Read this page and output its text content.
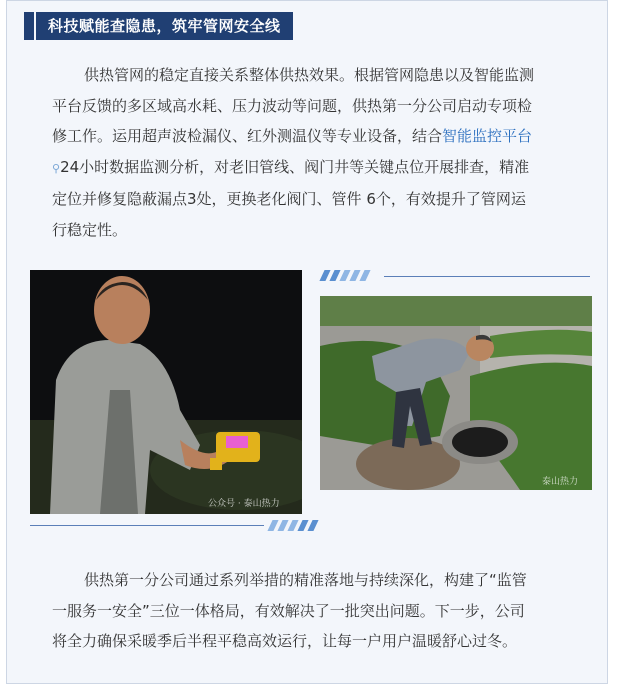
科技赋能查隐患，筑牢管网安全线

供热管网的稳定直接关系整体供热效果。根据管网隐患以及智能监测
平台反馈的多区域高水耗、压力波动等问题，供热第一分公司启动专项检
修工作。运用超声波检漏仪、红外测温仪等专业设备，结合智能监控平台
⚲24小时数据监测分析，对老旧管线、阀门井等关键点位开展排查，精准
定位并修复隐蔽漏点3处，更换老化阀门、管件 6个，有效提升了管网运
行稳定性。

公众号 · 泰山热力
泰山热力

供热第一分公司通过系列举措的精准落地与持续深化，构建了“监管
一服务一安全”三位一体格局，有效解决了一批突出问题。下一步，公司
将全力确保采暖季后半程平稳高效运行，让每一户用户温暖舒心过冬。
